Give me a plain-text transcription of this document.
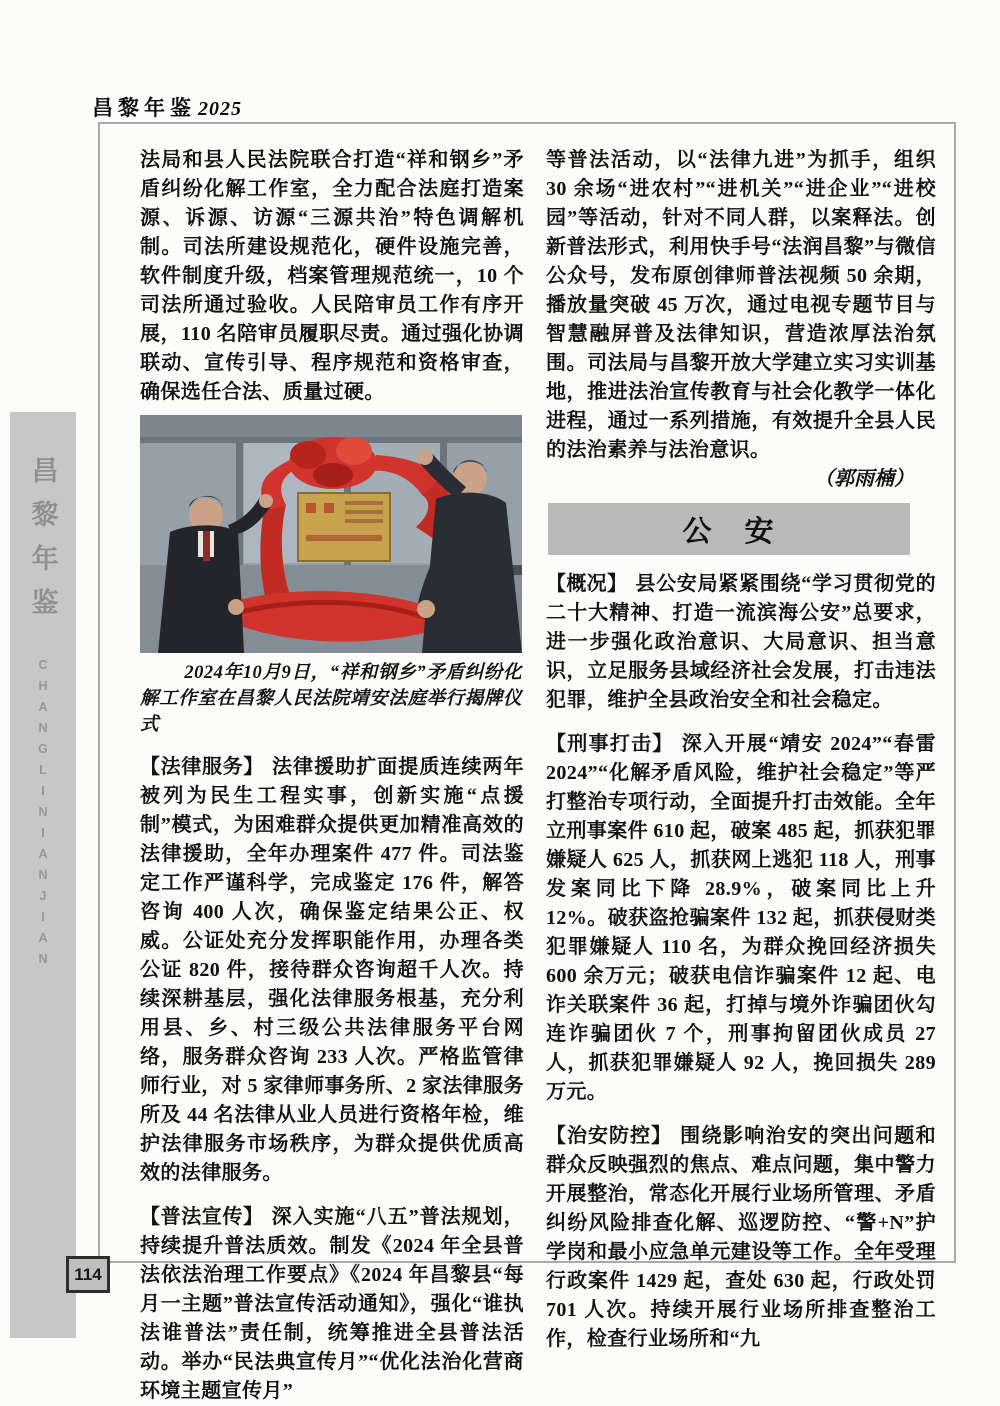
昌黎年鉴 2025
昌黎年鉴
CHANGLINIANJIAN
114

法局和县人民法院联合打造“祥和钢乡”矛盾纠纷化解工作室，全力配合法庭打造案源、诉源、访源“三源共治”特色调解机制。司法所建设规范化，硬件设施完善，软件制度升级，档案管理规范统一，10 个司法所通过验收。人民陪审员工作有序开展，110 名陪审员履职尽责。通过强化协调联动、宣传引导、程序规范和资格审查，确保选任合法、质量过硬。

2024年10月9日，“祥和钢乡”矛盾纠纷化解工作室在昌黎人民法院靖安法庭举行揭牌仪式

【法律服务】 法律援助扩面提质连续两年被列为民生工程实事，创新实施“点援制”模式，为困难群众提供更加精准高效的法律援助，全年办理案件 477 件。司法鉴定工作严谨科学，完成鉴定 176 件，解答咨询 400 人次，确保鉴定结果公正、权威。公证处充分发挥职能作用，办理各类公证 820 件，接待群众咨询超千人次。持续深耕基层，强化法律服务根基，充分利用县、乡、村三级公共法律服务平台网络，服务群众咨询 233 人次。严格监管律师行业，对 5 家律师事务所、2 家法律服务所及 44 名法律从业人员进行资格年检，维护法律服务市场秩序，为群众提供优质高效的法律服务。

【普法宣传】 深入实施“八五”普法规划，持续提升普法质效。制发《2024 年全县普法依法治理工作要点》《2024 年昌黎县“每月一主题”普法宣传活动通知》，强化“谁执法谁普法”责任制，统筹推进全县普法活动。举办“民法典宣传月”“优化法治化营商环境主题宣传月”

等普法活动，以“法律九进”为抓手，组织 30 余场“进农村”“进机关”“进企业”“进校园”等活动，针对不同人群，以案释法。创新普法形式，利用快手号“法润昌黎”与微信公众号，发布原创律师普法视频 50 余期，播放量突破 45 万次，通过电视专题节目与智慧融屏普及法律知识，营造浓厚法治氛围。司法局与昌黎开放大学建立实习实训基地，推进法治宣传教育与社会化教学一体化进程，通过一系列措施，有效提升全县人民的法治素养与法治意识。

（郭雨楠）

公　安

【概况】 县公安局紧紧围绕“学习贯彻党的二十大精神、打造一流滨海公安”总要求，进一步强化政治意识、大局意识、担当意识，立足服务县域经济社会发展，打击违法犯罪，维护全县政治安全和社会稳定。

【刑事打击】 深入开展“靖安 2024”“春雷 2024”“化解矛盾风险，维护社会稳定”等严打整治专项行动，全面提升打击效能。全年立刑事案件 610 起，破案 485 起，抓获犯罪嫌疑人 625 人，抓获网上逃犯 118 人，刑事发案同比下降 28.9%，破案同比上升 12%。破获盗抢骗案件 132 起，抓获侵财类犯罪嫌疑人 110 名，为群众挽回经济损失 600 余万元；破获电信诈骗案件 12 起、电诈关联案件 36 起，打掉与境外诈骗团伙勾连诈骗团伙 7 个，刑事拘留团伙成员 27 人，抓获犯罪嫌疑人 92 人，挽回损失 289 万元。

【治安防控】 围绕影响治安的突出问题和群众反映强烈的焦点、难点问题，集中警力开展整治，常态化开展行业场所管理、矛盾纠纷风险排查化解、巡逻防控、“警+N”护学岗和最小应急单元建设等工作。全年受理行政案件 1429 起，查处 630 起，行政处罚 701 人次。持续开展行业场所排查整治工作，检查行业场所和“九
